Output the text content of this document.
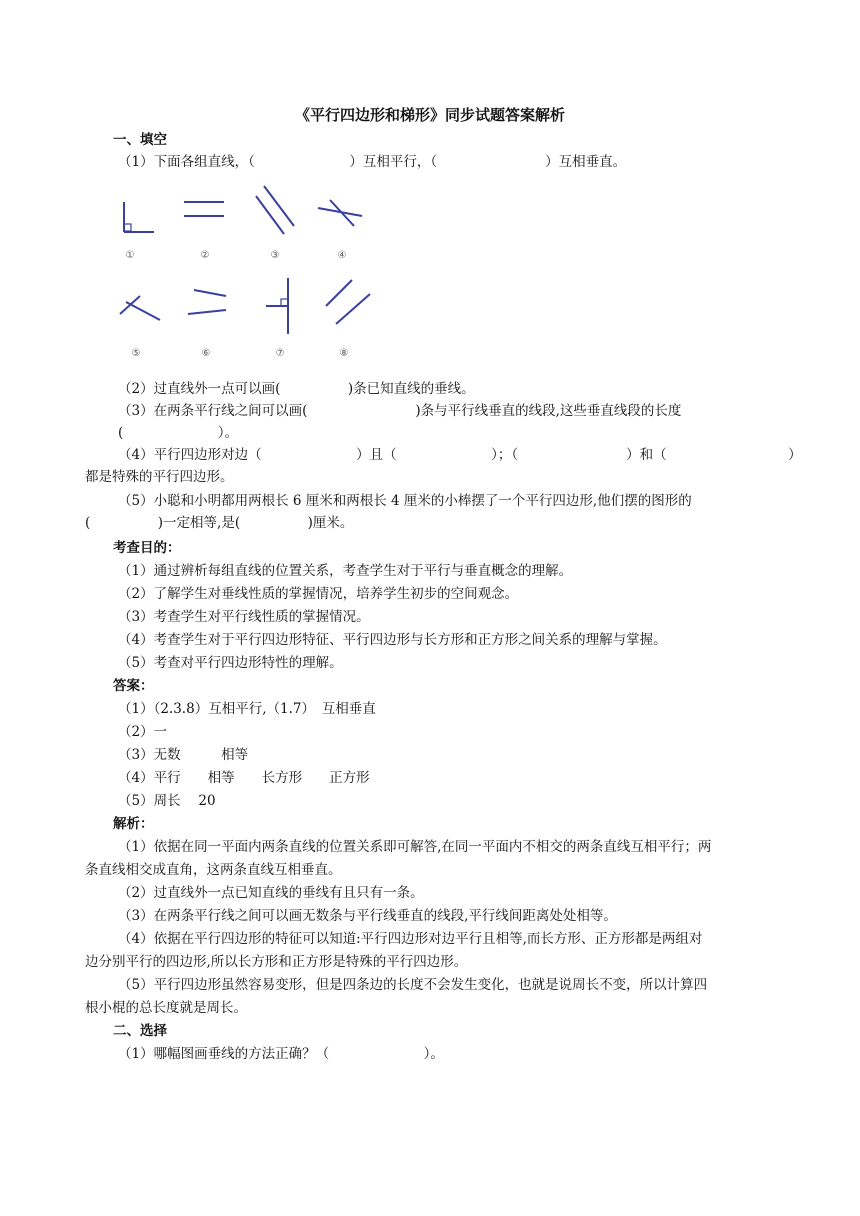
《平行四边形和梯形》同步试题答案解析
一、填空
（1）下面各组直线，（　　　　　　　）互相平行，（　　　　　　　　）互相垂直。
①	②	③	④
⑤	⑥	⑦	⑧
（2）过直线外一点可以画(　　　　　)条已知直线的垂线。
（3）在两条平行线之间可以画(　　　　　　　　)条与平行线垂直的线段,这些垂直线段的长度
(　　　　　　　）。
（4）平行四边形对边（　　　　　　　）且（　　　　　　　）；（　　　　　　　　）和（　　　　　　　　　）
都是特殊的平行四边形。
（5）小聪和小明都用两根长 6 厘米和两根长 4 厘米的小棒摆了一个平行四边形,他们摆的图形的
(　　　　　)一定相等,是(　　　　　)厘米。
考查目的：
（1）通过辨析每组直线的位置关系，考查学生对于平行与垂直概念的理解。
（2）了解学生对垂线性质的掌握情况，培养学生初步的空间观念。
（3）考查学生对平行线性质的掌握情况。
（4）考查学生对于平行四边形特征、平行四边形与长方形和正方形之间关系的理解与掌握。
（5）考查对平行四边形特性的理解。
答案：
（1）（2.3.8）互相平行,（1.7）　互相垂直
（2）一
（3）无数　　　相等
（4）平行　　相等　　长方形　　正方形
（5）周长　 20
解析：
（1）依据在同一平面内两条直线的位置关系即可解答,在同一平面内不相交的两条直线互相平行；两
条直线相交成直角，这两条直线互相垂直。
（2）过直线外一点已知直线的垂线有且只有一条。
（3）在两条平行线之间可以画无数条与平行线垂直的线段,平行线间距离处处相等。
（4）依据在平行四边形的特征可以知道:平行四边形对边平行且相等,而长方形、正方形都是两组对
边分别平行的四边形,所以长方形和正方形是特殊的平行四边形。
（5）平行四边形虽然容易变形，但是四条边的长度不会发生变化，也就是说周长不变，所以计算四
根小棍的总长度就是周长。
二、选择
（1）哪幅图画垂线的方法正确？（　　　　　　　）。
